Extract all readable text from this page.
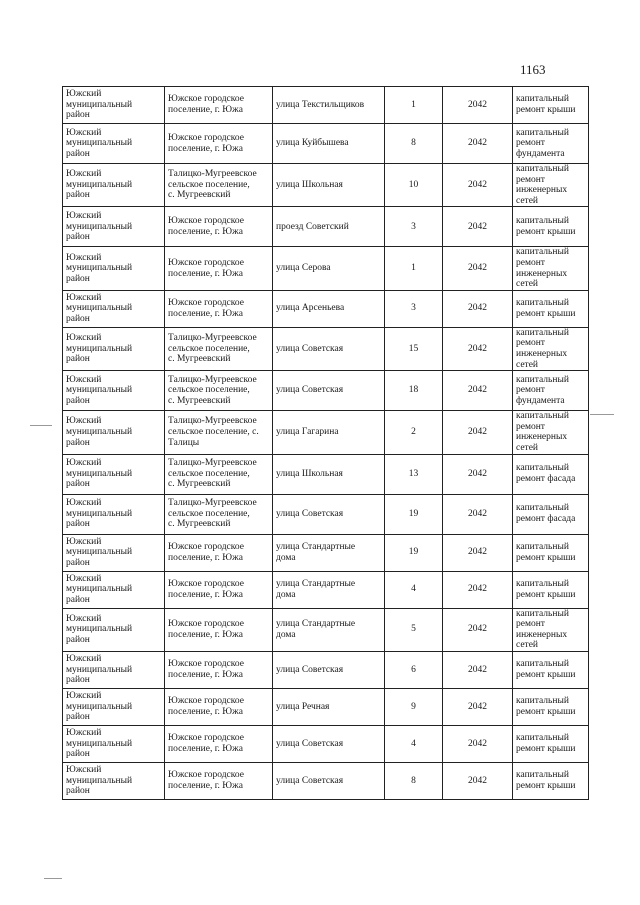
1163
Южский
муниципальный
район	Южское городское
поселение, г. Южа	улица Текстильщиков	1	2042	капитальный
ремонт крыши

Южский
муниципальный
район	Южское городское
поселение, г. Южа	улица Куйбышева	8	2042	капитальный
ремонт
фундамента

Южский
муниципальный
район	Талицко-Мугреевское
сельское поселение,
с. Мугреевский	улица Школьная	10	2042	капитальный
ремонт
инженерных
сетей

Южский
муниципальный
район	Южское городское
поселение, г. Южа	проезд Советский	3	2042	капитальный
ремонт крыши

Южский
муниципальный
район	Южское городское
поселение, г. Южа	улица Серова	1	2042	капитальный
ремонт
инженерных
сетей

Южский
муниципальный
район	Южское городское
поселение, г. Южа	улица Арсеньева	3	2042	капитальный
ремонт крыши

Южский
муниципальный
район	Талицко-Мугреевское
сельское поселение,
с. Мугреевский	улица Советская	15	2042	капитальный
ремонт
инженерных
сетей

Южский
муниципальный
район	Талицко-Мугреевское
сельское поселение,
с. Мугреевский	улица Советская	18	2042	капитальный
ремонт
фундамента

Южский
муниципальный
район	Талицко-Мугреевское
сельское поселение, с.
Талицы	улица Гагарина	2	2042	капитальный
ремонт
инженерных
сетей

Южский
муниципальный
район	Талицко-Мугреевское
сельское поселение,
с. Мугреевский	улица Школьная	13	2042	капитальный
ремонт фасада

Южский
муниципальный
район	Талицко-Мугреевское
сельское поселение,
с. Мугреевский	улица Советская	19	2042	капитальный
ремонт фасада

Южский
муниципальный
район	Южское городское
поселение, г. Южа	улица Стандартные
дома	19	2042	капитальный
ремонт крыши

Южский
муниципальный
район	Южское городское
поселение, г. Южа	улица Стандартные
дома	4	2042	капитальный
ремонт крыши

Южский
муниципальный
район	Южское городское
поселение, г. Южа	улица Стандартные
дома	5	2042	капитальный
ремонт
инженерных
сетей

Южский
муниципальный
район	Южское городское
поселение, г. Южа	улица Советская	6	2042	капитальный
ремонт крыши

Южский
муниципальный
район	Южское городское
поселение, г. Южа	улица Речная	9	2042	капитальный
ремонт крыши

Южский
муниципальный
район	Южское городское
поселение, г. Южа	улица Советская	4	2042	капитальный
ремонт крыши

Южский
муниципальный
район	Южское городское
поселение, г. Южа	улица Советская	8	2042	капитальный
ремонт крыши
